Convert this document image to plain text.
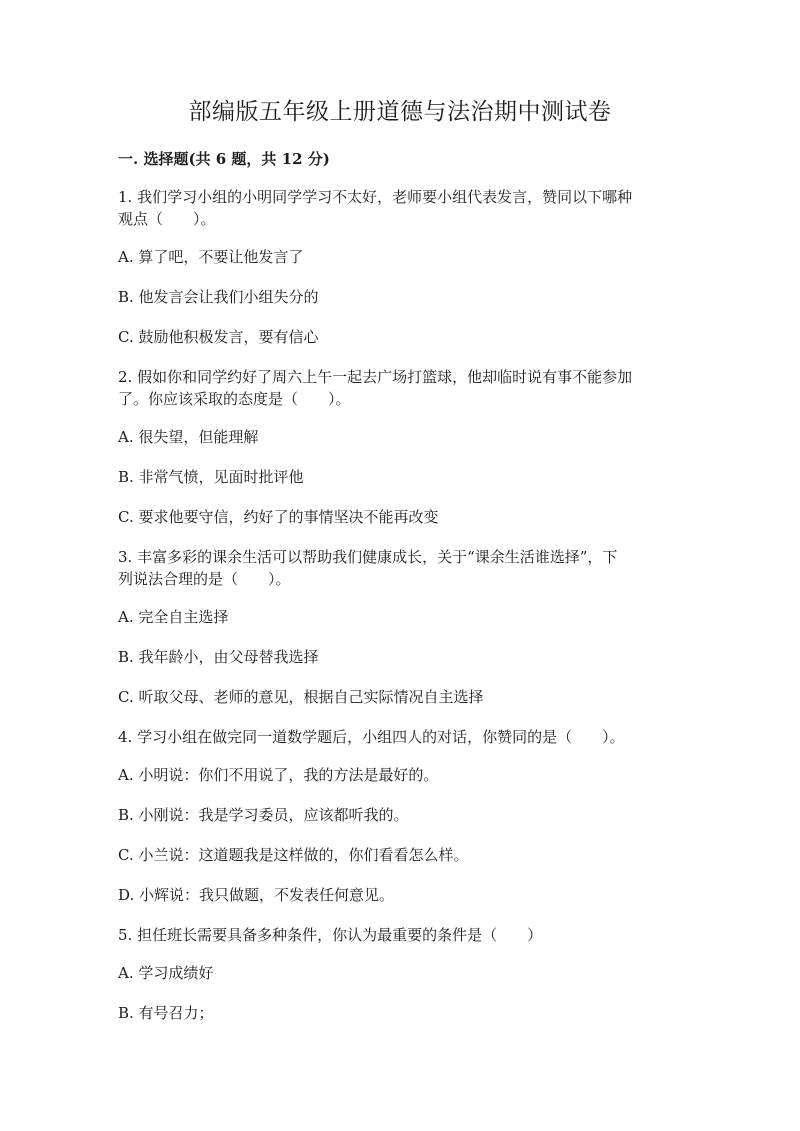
部编版五年级上册道德与法治期中测试卷
一. 选择题(共 6 题，共 12 分)

1. 我们学习小组的小明同学学习不太好，老师要小组代表发言，赞同以下哪种

观点（　　）。

A. 算了吧，不要让他发言了

B. 他发言会让我们小组失分的

C. 鼓励他积极发言，要有信心

2. 假如你和同学约好了周六上午一起去广场打篮球，他却临时说有事不能参加

了。你应该采取的态度是（　　）。

A. 很失望，但能理解

B. 非常气愤，见面时批评他

C. 要求他要守信，约好了的事情坚决不能再改变

3. 丰富多彩的课余生活可以帮助我们健康成长，关于“课余生活谁选择”，下

列说法合理的是（　　）。

A. 完全自主选择

B. 我年龄小，由父母替我选择

C. 听取父母、老师的意见，根据自己实际情况自主选择

4. 学习小组在做完同一道数学题后，小组四人的对话，你赞同的是（　　）。

A. 小明说：你们不用说了，我的方法是最好的。

B. 小刚说：我是学习委员，应该都听我的。

C. 小兰说：这道题我是这样做的，你们看看怎么样。

D. 小辉说：我只做题，不发表任何意见。

5. 担任班长需要具备多种条件，你认为最重要的条件是（　　）

A. 学习成绩好

B. 有号召力；
